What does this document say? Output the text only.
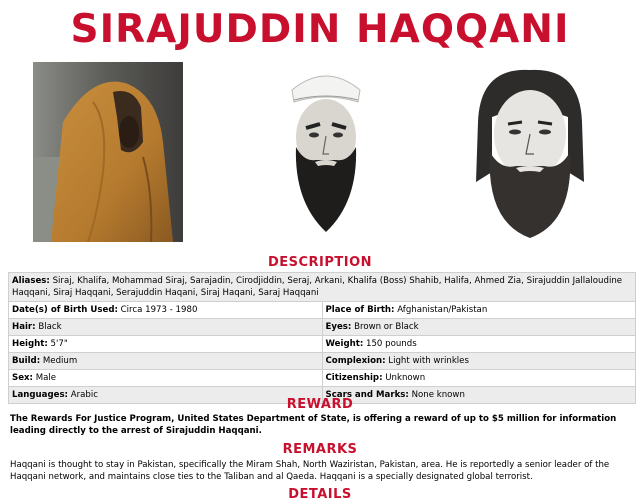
SIRAJUDDIN HAQQANI
DESCRIPTION
Aliases: Siraj, Khalifa, Mohammad Siraj, Sarajadin, Cirodjiddin, Seraj, Arkani, Khalifa (Boss) Shahib, Halifa, Ahmed Zia, Sirajuddin Jallaloudine Haqqani, Siraj Haqqani, Serajuddin Haqani, Siraj Haqani, Saraj Haqqani	
Date(s) of Birth Used: Circa 1973 - 1980	Place of Birth: Afghanistan/Pakistan
Hair: Black	Eyes: Brown or Black
Height: 5'7"	Weight: 150 pounds
Build: Medium	Complexion: Light with wrinkles
Sex: Male	Citizenship: Unknown
Languages: Arabic	Scars and Marks: None known
REWARD
The Rewards For Justice Program, United States Department of State, is offering a reward of up to $5 million for information leading directly to the arrest of Sirajuddin Haqqani.
REMARKS
Haqqani is thought to stay in Pakistan, specifically the Miram Shah, North Waziristan, Pakistan, area. He is reportedly a senior leader of the Haqqani network, and maintains close ties to the Taliban and al Qaeda. Haqqani is a specially designated global terrorist.
DETAILS
